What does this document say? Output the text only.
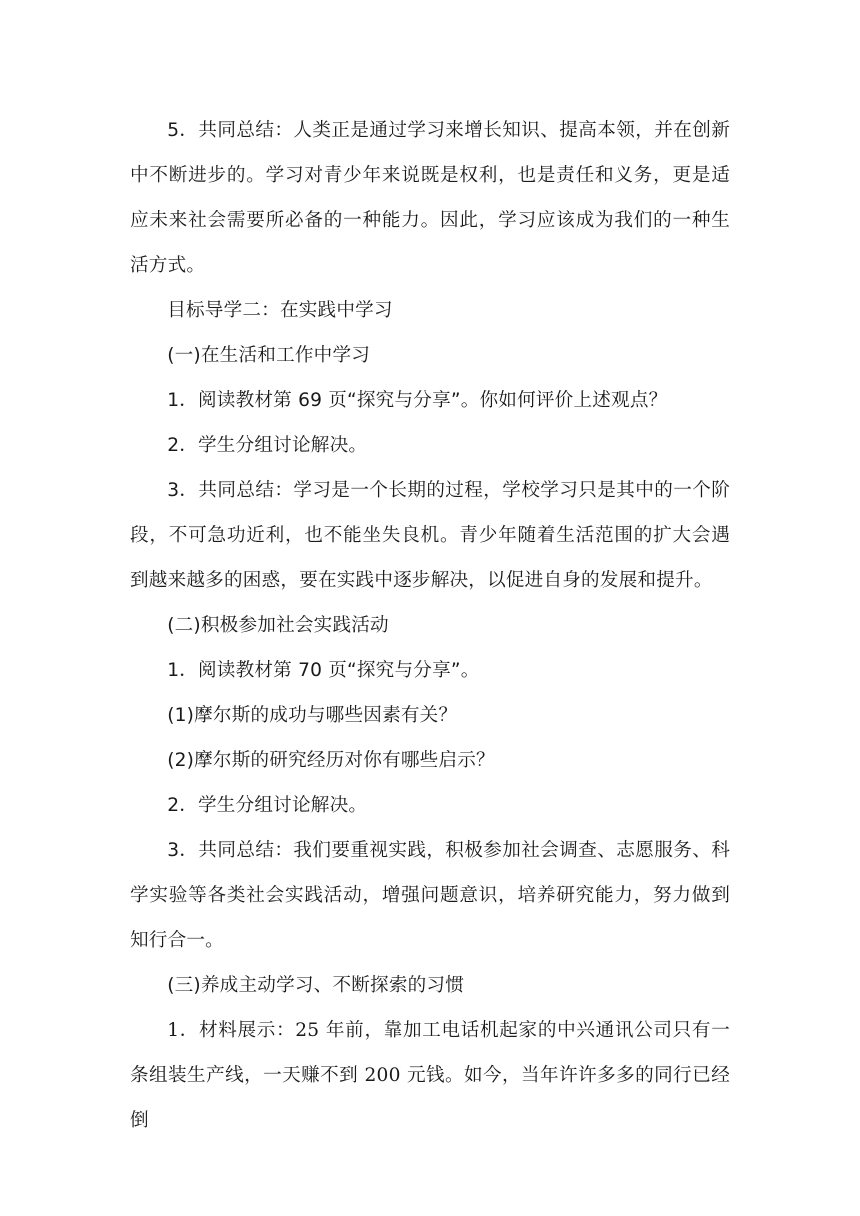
5．共同总结：人类正是通过学习来增长知识、提高本领，并在创新中不断进步的。学习对青少年来说既是权利，也是责任和义务，更是适应未来社会需要所必备的一种能力。因此，学习应该成为我们的一种生活方式。

目标导学二：在实践中学习

(一)在生活和工作中学习

1．阅读教材第 69 页“探究与分享”。你如何评价上述观点？

2．学生分组讨论解决。

3．共同总结：学习是一个长期的过程，学校学习只是其中的一个阶段，不可急功近利，也不能坐失良机。青少年随着生活范围的扩大会遇到越来越多的困惑，要在实践中逐步解决，以促进自身的发展和提升。

(二)积极参加社会实践活动

1．阅读教材第 70 页“探究与分享”。

(1)摩尔斯的成功与哪些因素有关？

(2)摩尔斯的研究经历对你有哪些启示？

2．学生分组讨论解决。

3．共同总结：我们要重视实践，积极参加社会调查、志愿服务、科学实验等各类社会实践活动，增强问题意识，培养研究能力，努力做到知行合一。

(三)养成主动学习、不断探索的习惯

1．材料展示：25 年前，靠加工电话机起家的中兴通讯公司只有一条组装生产线，一天赚不到 200 元钱。如今，当年许许多多的同行已经倒
